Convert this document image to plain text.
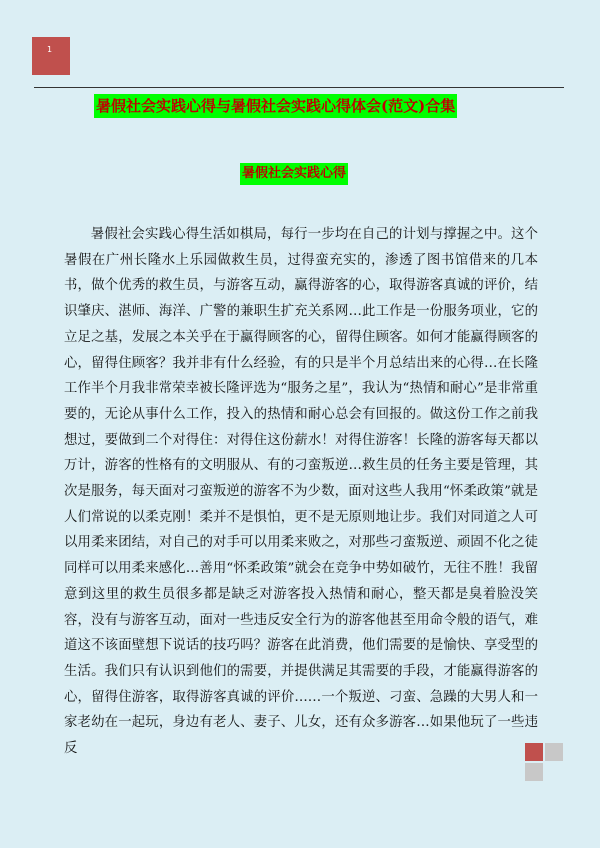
1
暑假社会实践心得与暑假社会实践心得体会(范文)合集
暑假社会实践心得

暑假社会实践心得生活如棋局，每行一步均在自己的计划与撑握之中。这个暑假在广州长隆水上乐园做救生员，过得蛮充实的，渗透了图书馆借来的几本书，做个优秀的救生员，与游客互动，赢得游客的心，取得游客真诚的评价，结识肇庆、湛师、海洋、广警的兼职生扩充关系网…此工作是一份服务项业，它的立足之基，发展之本关乎在于赢得顾客的心，留得住顾客。如何才能赢得顾客的心，留得住顾客？我并非有什么经验，有的只是半个月总结出来的心得…在长隆工作半个月我非常荣幸被长隆评选为“服务之星”，我认为“热情和耐心”是非常重要的，无论从事什么工作，投入的热情和耐心总会有回报的。做这份工作之前我想过，要做到二个对得住：对得住这份薪水！对得住游客！长隆的游客每天都以万计，游客的性格有的文明服从、有的刁蛮叛逆…救生员的任务主要是管理，其次是服务，每天面对刁蛮叛逆的游客不为少数，面对这些人我用“怀柔政策”就是人们常说的以柔克刚！柔并不是惧怕，更不是无原则地让步。我们对同道之人可以用柔来团结，对自己的对手可以用柔来败之，对那些刁蛮叛逆、顽固不化之徒同样可以用柔来感化…善用“怀柔政策”就会在竞争中势如破竹，无往不胜！我留意到这里的救生员很多都是缺乏对游客投入热情和耐心，整天都是臭着脸没笑容，没有与游客互动，面对一些违反安全行为的游客他甚至用命令般的语气，难道这不该面壁想下说话的技巧吗？游客在此消费，他们需要的是愉快、享受型的生活。我们只有认识到他们的需要，并提供满足其需要的手段，才能赢得游客的心，留得住游客，取得游客真诚的评价……一个叛逆、刁蛮、急躁的大男人和一家老幼在一起玩，身边有老人、妻子、儿女，还有众多游客…如果他玩了一些违反
